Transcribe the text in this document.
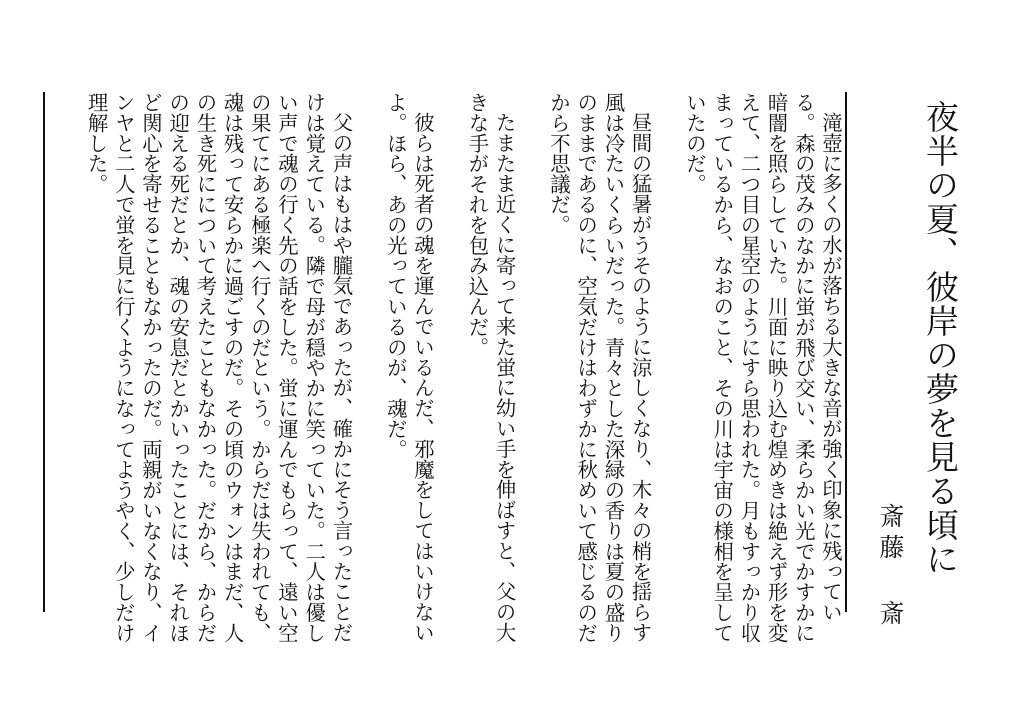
夜半の夏、彼岸の夢を見る頃に
斎藤 斎

滝壺に多くの水が落ちる大きな音が強く印象に残っている。森の茂みのなかに蛍が飛び交い、柔らかい光でかすかに暗闇を照らしていた。川面に映り込む煌めきは絶えず形を変えて、二つ目の星空のようにすら思われた。月もすっかり収まっているから、なおのこと、その川は宇宙の様相を呈していたのだ。

昼間の猛暑がうそのように涼しくなり、木々の梢を揺らす風は冷たいくらいだった。青々とした深緑の香りは夏の盛りのままであるのに、空気だけはわずかに秋めいて感じるのだから不思議だ。

たまたま近くに寄って来た蛍に幼い手を伸ばすと、父の大きな手がそれを包み込んだ。

彼らは死者の魂を運んでいるんだ、邪魔をしてはいけないよ。ほら、あの光っているのが、魂だ。

父の声はもはや朧気であったが、確かにそう言ったことだけは覚えている。隣で母が穏やかに笑っていた。二人は優しい声で魂の行く先の話をした。蛍に運んでもらって、遠い空の果てにある極楽へ行くのだという。からだは失われても、魂は残って安らかに過ごすのだ。その頃のウォンはまだ、人の生き死にについて考えたこともなかった。だから、からだの迎える死だとか、魂の安息だとかいったことには、それほど関心を寄せることもなかったのだ。両親がいなくなり、インヤと二人で蛍を見に行くようになってようやく、少しだけ理解した。
